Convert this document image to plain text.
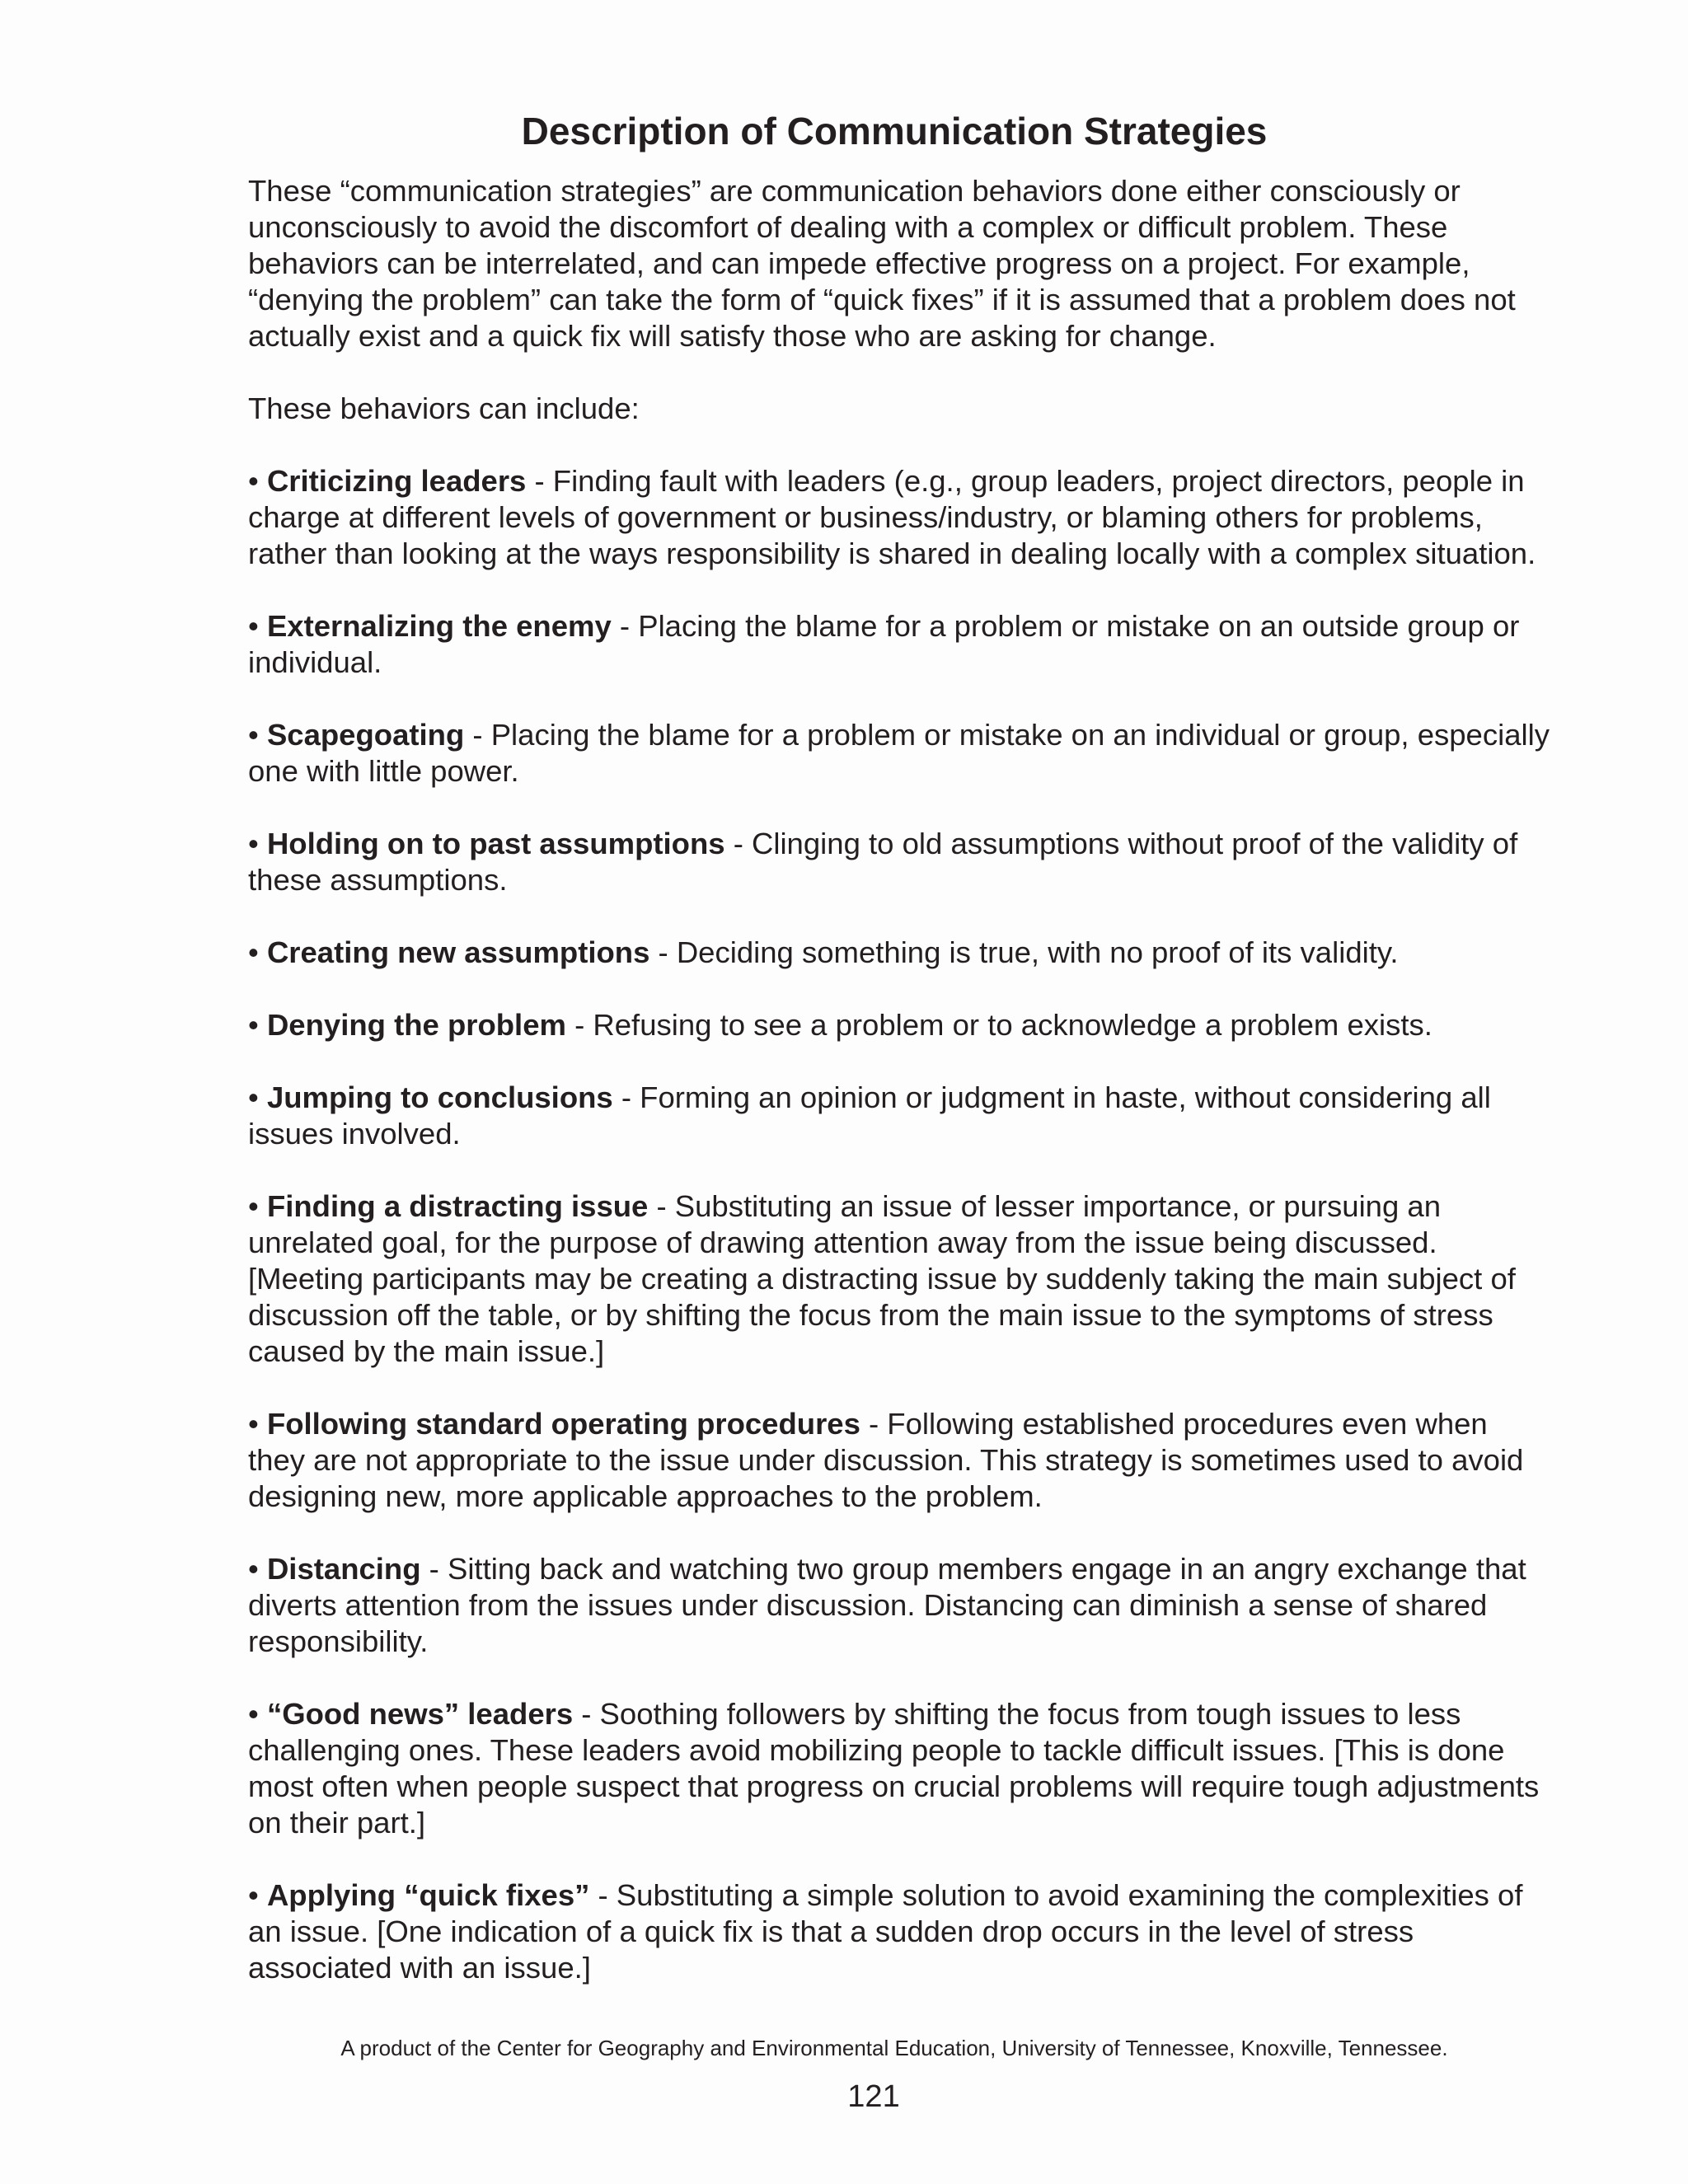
Description of Communication Strategies

These “communication strategies” are communication behaviors done either consciously or unconsciously to avoid the discomfort of dealing with a complex or difficult problem. These behaviors can be interrelated, and can impede effective progress on a project. For example, “denying the problem” can take the form of “quick fixes” if it is assumed that a problem does not actually exist and a quick fix will satisfy those who are asking for change.

These behaviors can include:

• Criticizing leaders - Finding fault with leaders (e.g., group leaders, project directors, people in charge at different levels of government or business/industry, or blaming others for problems, rather than looking at the ways responsibility is shared in dealing locally with a complex situation.

• Externalizing the enemy - Placing the blame for a problem or mistake on an outside group or individual.

• Scapegoating - Placing the blame for a problem or mistake on an individual or group, especially one with little power.

• Holding on to past assumptions - Clinging to old assumptions without proof of the validity of these assumptions.

• Creating new assumptions - Deciding something is true, with no proof of its validity.

• Denying the problem - Refusing to see a problem or to acknowledge a problem exists.

• Jumping to conclusions - Forming an opinion or judgment in haste, without considering all issues involved.

• Finding a distracting issue - Substituting an issue of lesser importance, or pursuing an unrelated goal, for the purpose of drawing attention away from the issue being discussed. [Meeting participants may be creating a distracting issue by suddenly taking the main subject of discussion off the table, or by shifting the focus from the main issue to the symptoms of stress caused by the main issue.]

• Following standard operating procedures - Following established procedures even when they are not appropriate to the issue under discussion. This strategy is sometimes used to avoid designing new, more applicable approaches to the problem.

• Distancing - Sitting back and watching two group members engage in an angry exchange that diverts attention from the issues under discussion. Distancing can diminish a sense of shared responsibility.

• “Good news” leaders - Soothing followers by shifting the focus from tough issues to less challenging ones. These leaders avoid mobilizing people to tackle difficult issues. [This is done most often when people suspect that progress on crucial problems will require tough adjustments on their part.]

• Applying “quick fixes” - Substituting a simple solution to avoid examining the complexities of an issue. [One indication of a quick fix is that a sudden drop occurs in the level of stress associated with an issue.]

A product of the Center for Geography and Environmental Education, University of Tennessee, Knoxville, Tennessee.
121
